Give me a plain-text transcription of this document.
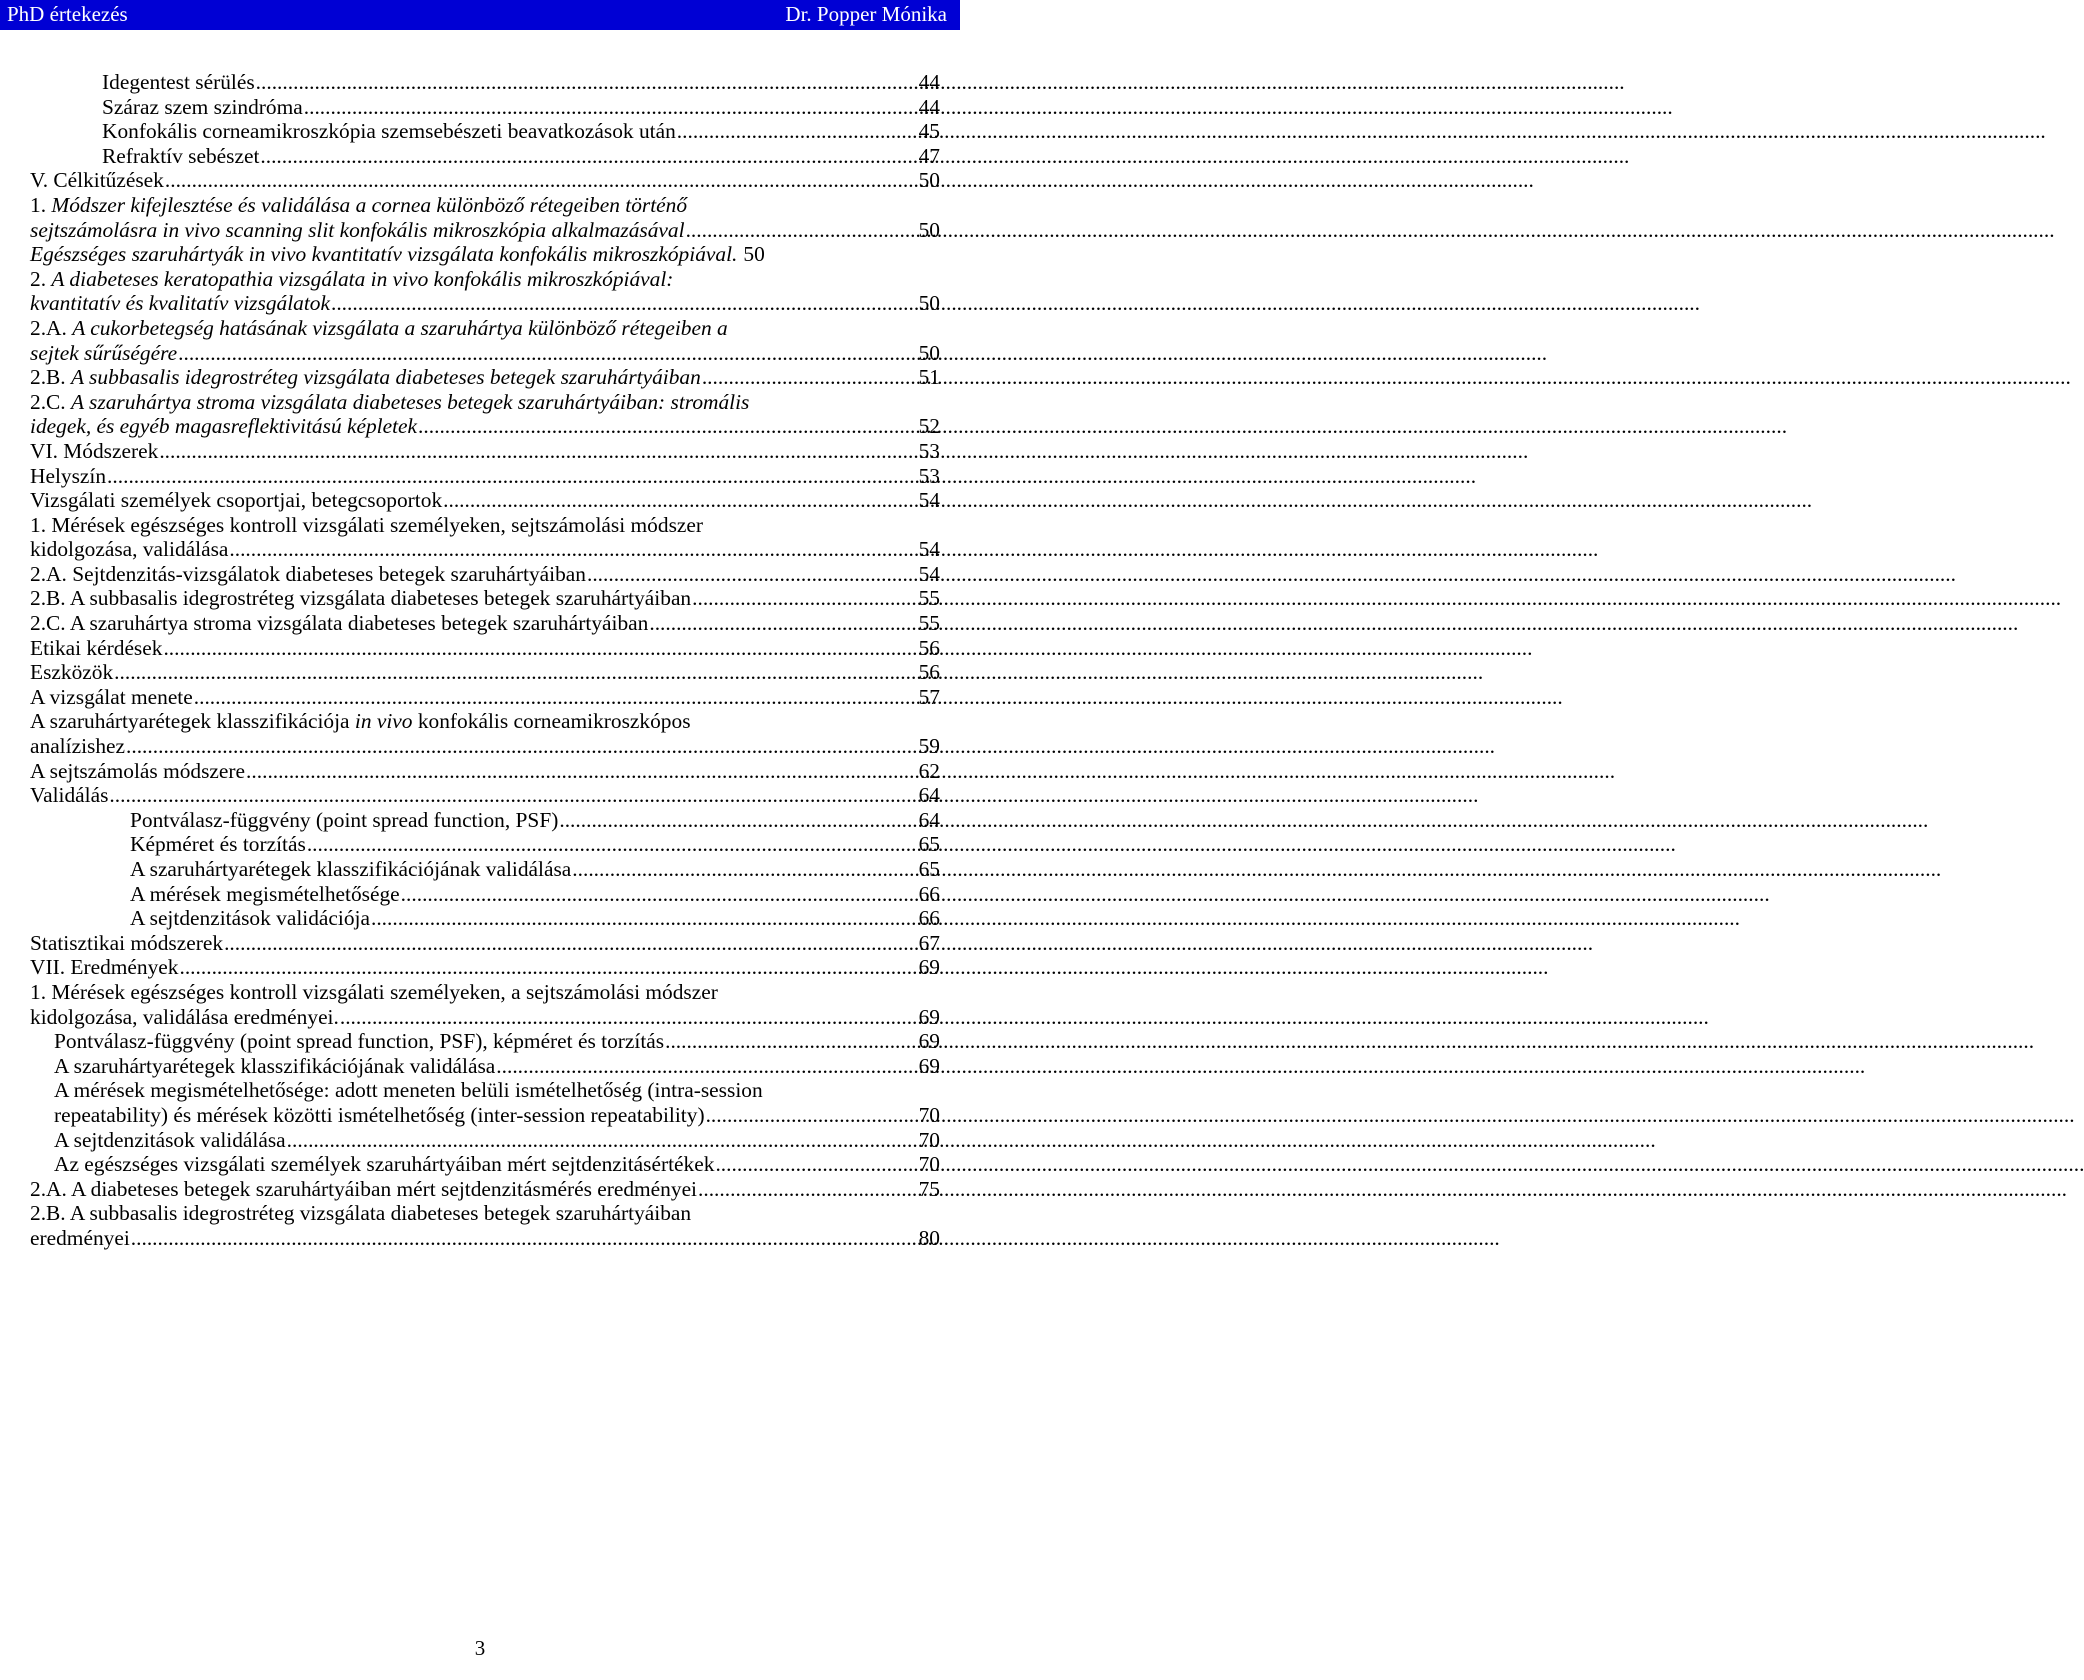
PhD értekezés	Dr. Popper Mónika
Idegentest sérülés .....	44
Száraz szem szindróma .....	44
Konfokális corneamikroszkópia szemsebészeti beavatkozások után .....	45
Refraktív sebészet .....	47
V. Célkitűzések .....	50
1. Módszer kifejlesztése és validálása a cornea különböző rétegeiben történő
sejtszámolásra in vivo scanning slit konfokális mikroszkópia alkalmazásával .....	50
Egészséges szaruhártyák in vivo kvantitatív vizsgálata konfokális mikroszkópiával. 50
2. A diabeteses keratopathia vizsgálata in vivo konfokális mikroszkópiával:
kvantitatív és kvalitatív vizsgálatok .....	50
2.A. A cukorbetegség hatásának vizsgálata a szaruhártya különböző rétegeiben a
sejtek sűrűségére .....	50
2.B. A subbasalis idegrostréteg vizsgálata diabeteses betegek szaruhártyáiban .....	51
2.C. A szaruhártya stroma vizsgálata diabeteses betegek szaruhártyáiban: stromális
idegek, és egyéb magasreflektivitású képletek .....	52
VI. Módszerek .....	53
Helyszín .....	53
Vizsgálati személyek csoportjai, betegcsoportok .....	54
1. Mérések egészséges kontroll vizsgálati személyeken, sejtszámolási módszer
kidolgozása, validálása .....	54
2.A. Sejtdenzitás-vizsgálatok diabeteses betegek szaruhártyáiban .....	54
2.B. A subbasalis idegrostréteg vizsgálata diabeteses betegek szaruhártyáiban .....	55
2.C. A szaruhártya stroma vizsgálata diabeteses betegek szaruhártyáiban .....	55
Etikai kérdések .....	56
Eszközök .....	56
A vizsgálat menete .....	57
A szaruhártyarétegek klasszifikációja in vivo konfokális corneamikroszkópos
analízishez .....	59
A sejtszámolás módszere .....	62
Validálás .....	64
Pontválasz-függvény (point spread function, PSF) .....	64
Képméret és torzítás .....	65
A szaruhártyarétegek klasszifikációjának validálása .....	65
A mérések megismételhetősége .....	66
A sejtdenzitások validációja .....	66
Statisztikai módszerek .....	67
VII. Eredmények .....	69
1. Mérések egészséges kontroll vizsgálati személyeken, a sejtszámolási módszer
kidolgozása, validálása eredményei. .....	69
Pontválasz-függvény (point spread function, PSF), képméret és torzítás .....	69
A szaruhártyarétegek klasszifikációjának validálása .....	69
A mérések megismételhetősége: adott meneten belüli ismételhetőség (intra-session
repeatability) és mérések közötti ismételhetőség (inter-session repeatability) .....	70
A sejtdenzitások validálása .....	70
Az egészséges vizsgálati személyek szaruhártyáiban mért sejtdenzitásértékek .....	70
2.A. A diabeteses betegek szaruhártyáiban mért sejtdenzitásmérés eredményei .....	75
2.B. A subbasalis idegrostréteg vizsgálata diabeteses betegek szaruhártyáiban
eredményei .....	80
3
